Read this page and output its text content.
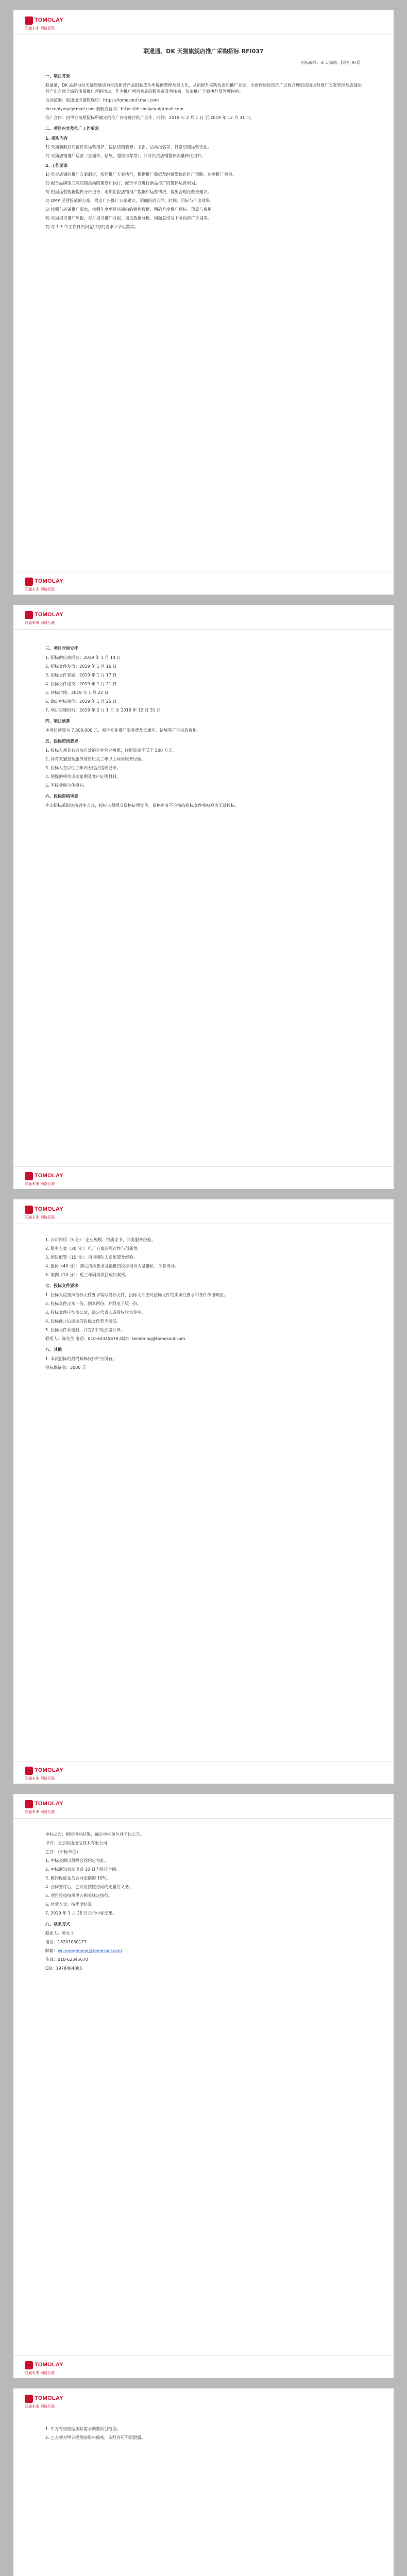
TOMOLAY
联通未来 网络互联
联通通、DK 天猫旗舰店推广采购招标 RFI037
招标编号：南 1 编制：【系列:RFI】
一、项目背景
联通通，DK 品牌地址天猫旗舰店对标的新营产品组装成件所提供整理及最大化，从而提升采购负责和推广业态，全面构建好的推广过程合理的店铺运营推广方案管理及店铺运营产出之间全域的流量推广营销活动，作为推广项目实施的服务商及承接商，负责推广全案执行及管理评估。
活动范围：联通通天猫旗舰店：https://tomesonl.tmall.com
drcsonlyequiptmall.com 旗舰店官网：https://dcsonlyequiptmall.com
推广合作：由甲方按照招标所确定的推广内容进行推广合作，时间：2019 年 2 月 1 日 至 2019 年 12 月 31 日。
二、项目内容及推广工作要求
1. 采购内容
1) 天猫旗舰店店铺日常运营维护，包括店铺装修、上新、活动报名等，日常店铺运营优化。
2) 天猫店铺推广运营（直通车、钻展、超级推荐等），同时负责店铺整体流量转化提升。
2. 工作要求
1) 负责店铺的推广方案制定，按照推广方案执行，根据推广数据及时调整优化推广策略，达到推广效果。
2) 配合品牌组完成店铺活动的策划和执行，配合甲方进行新品推广的整体运营规划。
3) 根据运营数据提供分析报告，定期汇报店铺推广数据和运营情况，提出合理化改善建议。
4) DMP 运营投放的方案，提出广告推广方案建议，明确投放人群、时间、目标与产出效果。
5) 按照与店铺推广要求，按照年度项目店铺内的销售数据，明确月度推广目标、预算与费用。
6) 每周提交推广周报，每月提交推广月报，包括数据分析、问题总结及下阶段推广计划等。
7) 每 1.5 个工作日内回复甲方的需求并予以落实。
TOMOLAY
联通未来 网络互联
TOMOLAY
联通未来 网络互联
三、项目时间安排
1. 招标供应商报名：2019 年 1 月 14 日
2. 招标文件发放：2019 年 1 月 16 日
3. 招标文件答疑：2019 年 1 月 17 日
4. 投标文件递交：2019 年 1 月 21 日
5. 评标时间：2019 年 1 月 22 日
6. 确定中标单位：2019 年 1 月 25 日
7. 项目实施时间：2019 年 2 月 1 日 至 2019 年 12 月 31 日
四、项目预算
本项目预算为 7,800,000 元，须含专业推广服务费及直通车、钻展等广告投放费用。
五、投标资质要求
1. 投标人须具有合法有效的企业营业执照，注册资金不低于 500 万元。
2. 具有天猫直营服务商资质及三年以上同类服务经验。
3. 投标人在以往三年内无违法违规记录。
4. 须提供相关成功案例及客户证明材料。
5. 不接受联合体投标。
六、投标资格审查
本次招标采取资格后审方式，投标人须提交资格证明文件，资格审查不合格的投标文件将被视为无效投标。
TOMOLAY
联通未来 网络互联
TOMOLAY
联通未来 网络互联
1. 公司资质（5 分）：企业规模、资质证书、同类服务经验。
2. 服务方案（30 分）：推广方案的可行性与创新性。
3. 团队配置（15 分）：项目团队人员配置及经验。
4. 报价（40 分）：满足招标要求且最低的投标报价为基准价，计算得分。
5. 案例（10 分）：近三年同类项目成功案例。
七、投标文件要求
1. 投标人应按照招标文件要求编写投标文件，投标文件应对招标文件的实质性要求和条件作出响应。
2. 投标文件正本一份，副本两份，并附电子版一份。
3. 投标文件应加盖公章，法定代表人或授权代表签字。
4. 投标截止后送达的投标文件恕不接受。
5. 投标文件须密封，并在封口处加盖公章。
联系人：陈先生 电话：010-62345678 邮箱：tendering@tomesonl.com
八、其他
1. 本次招标的最终解释权归甲方所有。
投标保证金：5000 元
TOMOLAY
联通未来 网络互联
TOMOLAY
联通未来 网络互联
中标公告：根据招标结果，确定中标单位并予以公告。
甲方：北京联通通信技术有限公司
乙方：（中标单位）
1. 中标金额以最终合同约定为准。
2. 中标通知书发出后 30 日内签订合同。
3. 履约保证金为合同金额的 10%。
4. 合同签订后，乙方应按照合同约定履行义务。
5. 项目验收按照甲方相关规定执行。
6. 付款方式：按季度结算。
7. 2019 年 1 月 25 日公示中标结果。
九、联系方式
联系人：黄女士
电话：18201050177
邮箱：wu.mengmeng@tomesonl.com
传真：010-62345670
QQ：1978464085
TOMOLAY
联通未来 网络互联
TOMOLAY
联通未来 网络互联
1. 甲方有权根据实际需求调整项目范围。
2. 乙方须对甲方提供的资料保密，未经许可不得泄露。
